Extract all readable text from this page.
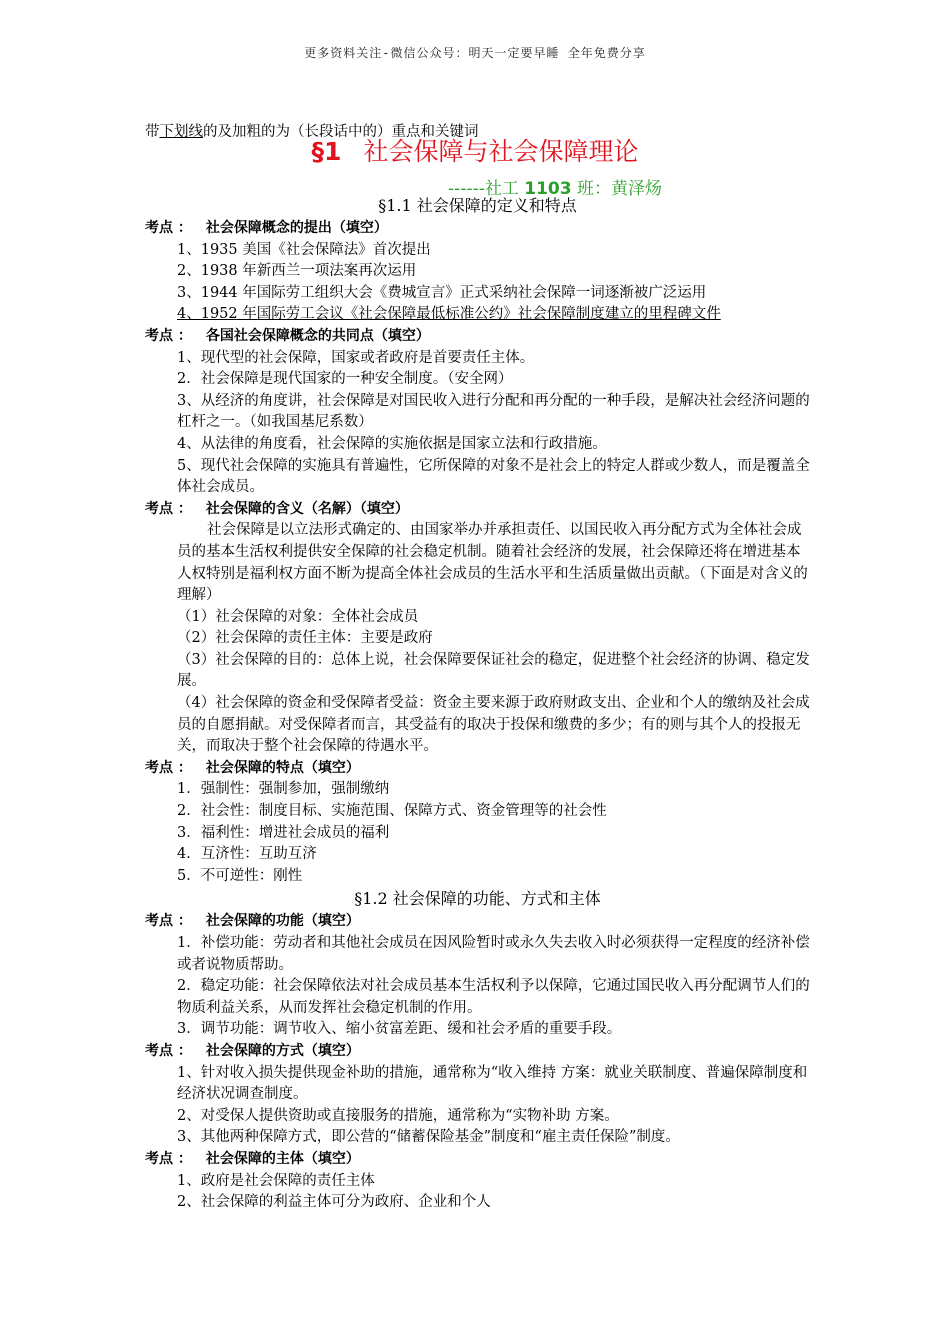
更多资料关注-微信公众号：明天一定要早睡 全年免费分享
带下划线的及加粗的为（长段话中的）重点和关键词
§1 社会保障与社会保障理论
------社工 1103 班：黄泽炀

§1.1 社会保障的定义和特点

考点 ： 社会保障概念的提出（填空）

1、1935 美国《社会保障法》首次提出

2、1938 年新西兰一项法案再次运用

3、1944 年国际劳工组织大会《费城宣言》正式采纳社会保障一词逐渐被广泛运用

4、1952 年国际劳工会议《社会保障最低标准公约》社会保障制度建立的里程碑文件

考点 ： 各国社会保障概念的共同点（填空）

1、现代型的社会保障，国家或者政府是首要责任主体。

2．社会保障是现代国家的一种安全制度。（安全网）

3、从经济的角度讲，社会保障是对国民收入进行分配和再分配的一种手段，是解决社会经济问题的杠杆之一。（如我国基尼系数）

4、从法律的角度看，社会保障的实施依据是国家立法和行政措施。

5、现代社会保障的实施具有普遍性，它所保障的对象不是社会上的特定人群或少数人，而是覆盖全体社会成员。

考点 ： 社会保障的含义（名解）（填空）

社会保障是以立法形式确定的、由国家举办并承担责任、以国民收入再分配方式为全体社会成员的基本生活权利提供安全保障的社会稳定机制。随着社会经济的发展，社会保障还将在增进基本人权特别是福利权方面不断为提高全体社会成员的生活水平和生活质量做出贡献。（下面是对含义的理解）

（1）社会保障的对象：全体社会成员

（2）社会保障的责任主体：主要是政府

（3）社会保障的目的：总体上说，社会保障要保证社会的稳定，促进整个社会经济的协调、稳定发展。

（4）社会保障的资金和受保障者受益：资金主要来源于政府财政支出、企业和个人的缴纳及社会成员的自愿捐献。对受保障者而言，其受益有的取决于投保和缴费的多少；有的则与其个人的投报无关，而取决于整个社会保障的待遇水平。

考点 ： 社会保障的特点（填空）

1．强制性：强制参加，强制缴纳

2．社会性：制度目标、实施范围、保障方式、资金管理等的社会性

3．福利性：增进社会成员的福利

4．互济性：互助互济

5．不可逆性：刚性

§1.2 社会保障的功能、方式和主体

考点 ： 社会保障的功能（填空）

1．补偿功能：劳动者和其他社会成员在因风险暂时或永久失去收入时必须获得一定程度的经济补偿或者说物质帮助。

2．稳定功能：社会保障依法对社会成员基本生活权利予以保障，它通过国民收入再分配调节人们的物质利益关系，从而发挥社会稳定机制的作用。

3．调节功能：调节收入、缩小贫富差距、缓和社会矛盾的重要手段。

考点 ： 社会保障的方式（填空）

1、针对收入损失提供现金补助的措施，通常称为“收入维持 方案：就业关联制度、普遍保障制度和经济状况调查制度。

2、对受保人提供资助或直接服务的措施，通常称为“实物补助 方案。

3、其他两种保障方式，即公营的“储蓄保险基金”制度和“雇主责任保险”制度。

考点 ： 社会保障的主体（填空）

1、政府是社会保障的责任主体

2、社会保障的利益主体可分为政府、企业和个人
